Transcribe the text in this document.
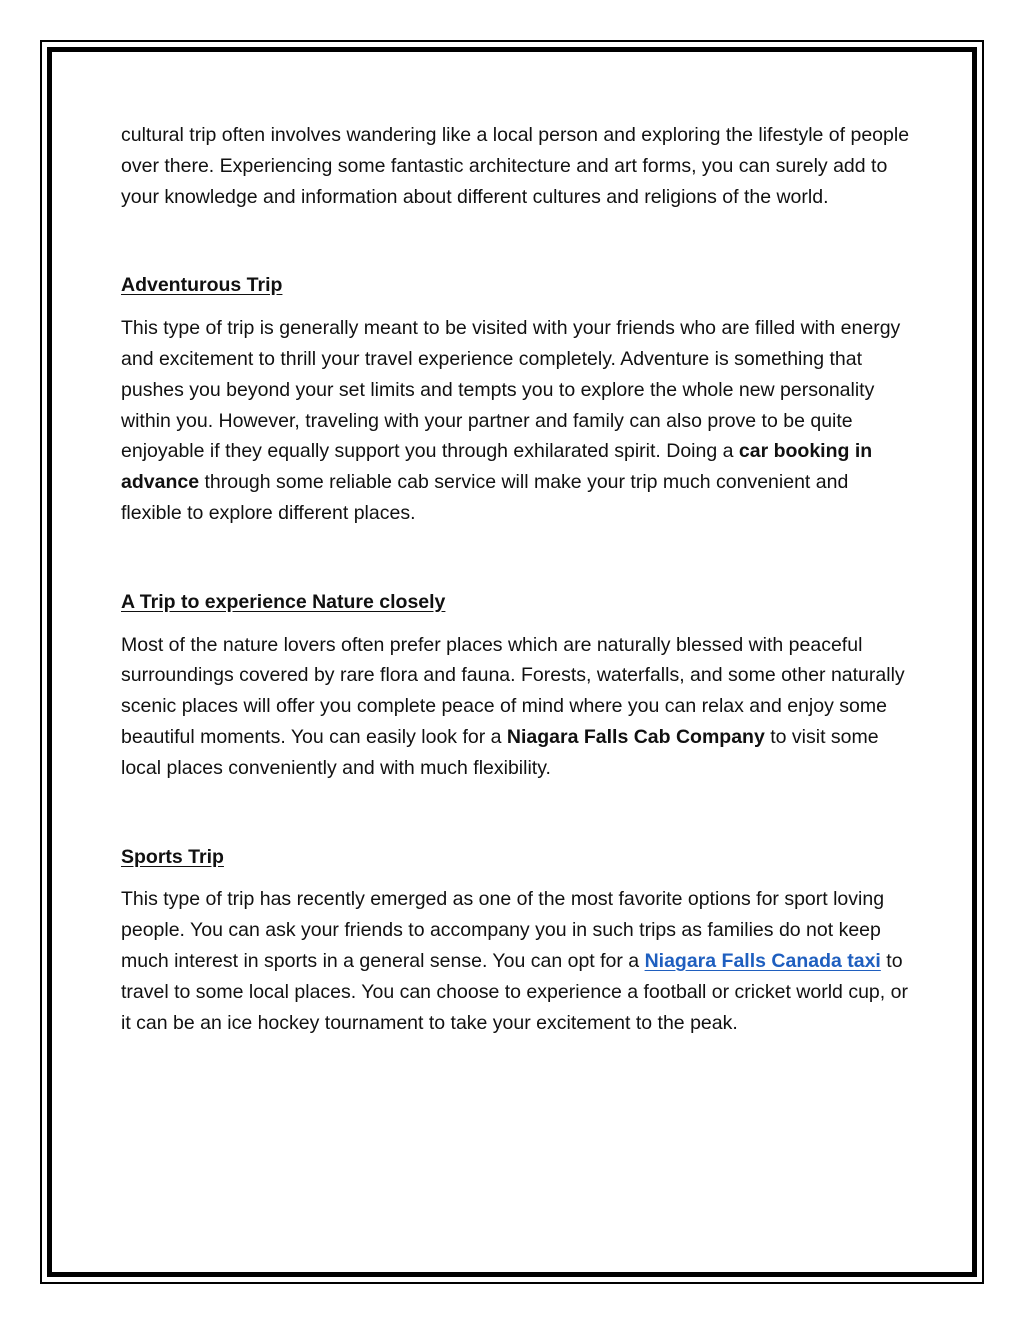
cultural trip often involves wandering like a local person and exploring the lifestyle of people over there. Experiencing some fantastic architecture and art forms, you can surely add to your knowledge and information about different cultures and religions of the world.

Adventurous Trip

This type of trip is generally meant to be visited with your friends who are filled with energy and excitement to thrill your travel experience completely. Adventure is something that pushes you beyond your set limits and tempts you to explore the whole new personality within you. However, traveling with your partner and family can also prove to be quite enjoyable if they equally support you through exhilarated spirit. Doing a car booking in advance through some reliable cab service will make your trip much convenient and flexible to explore different places.

A Trip to experience Nature closely

Most of the nature lovers often prefer places which are naturally blessed with peaceful surroundings covered by rare flora and fauna. Forests, waterfalls, and some other naturally scenic places will offer you complete peace of mind where you can relax and enjoy some beautiful moments. You can easily look for a Niagara Falls Cab Company to visit some local places conveniently and with much flexibility.

Sports Trip

This type of trip has recently emerged as one of the most favorite options for sport loving people. You can ask your friends to accompany you in such trips as families do not keep much interest in sports in a general sense. You can opt for a Niagara Falls Canada taxi to travel to some local places. You can choose to experience a football or cricket world cup, or it can be an ice hockey tournament to take your excitement to the peak.
